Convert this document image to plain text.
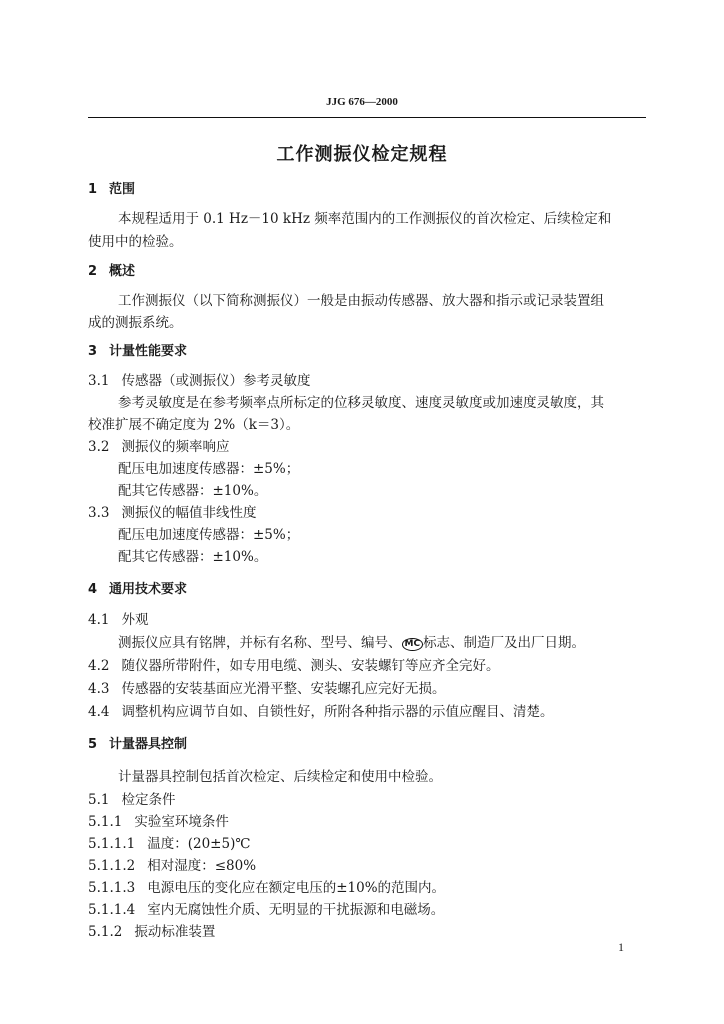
JJG 676—2000
工作测振仪检定规程
1 范围
本规程适用于 0.1 Hz－10 kHz 频率范围内的工作测振仪的首次检定、后续检定和
使用中的检验。
2 概述
工作测振仪（以下简称测振仪）一般是由振动传感器、放大器和指示或记录装置组
成的测振系统。
3 计量性能要求
3.1 传感器（或测振仪）参考灵敏度
参考灵敏度是在参考频率点所标定的位移灵敏度、速度灵敏度或加速度灵敏度，其
校准扩展不确定度为 2%（k＝3）。
3.2 测振仪的频率响应
配压电加速度传感器：±5%；
配其它传感器：±10%。
3.3 测振仪的幅值非线性度
配压电加速度传感器：±5%；
配其它传感器：±10%。
4 通用技术要求
4.1 外观
测振仪应具有铭牌，并标有名称、型号、编号、 MC 标志、制造厂及出厂日期。
4.2 随仪器所带附件，如专用电缆、测头、安装螺钉等应齐全完好。
4.3 传感器的安装基面应光滑平整、安装螺孔应完好无损。
4.4 调整机构应调节自如、自锁性好，所附各种指示器的示值应醒目、清楚。
5 计量器具控制
计量器具控制包括首次检定、后续检定和使用中检验。
5.1 检定条件
5.1.1 实验室环境条件
5.1.1.1 温度：(20±5)℃
5.1.1.2 相对湿度：≤80%
5.1.1.3 电源电压的变化应在额定电压的±10%的范围内。
5.1.1.4 室内无腐蚀性介质、无明显的干扰振源和电磁场。
5.1.2 振动标准装置
1
